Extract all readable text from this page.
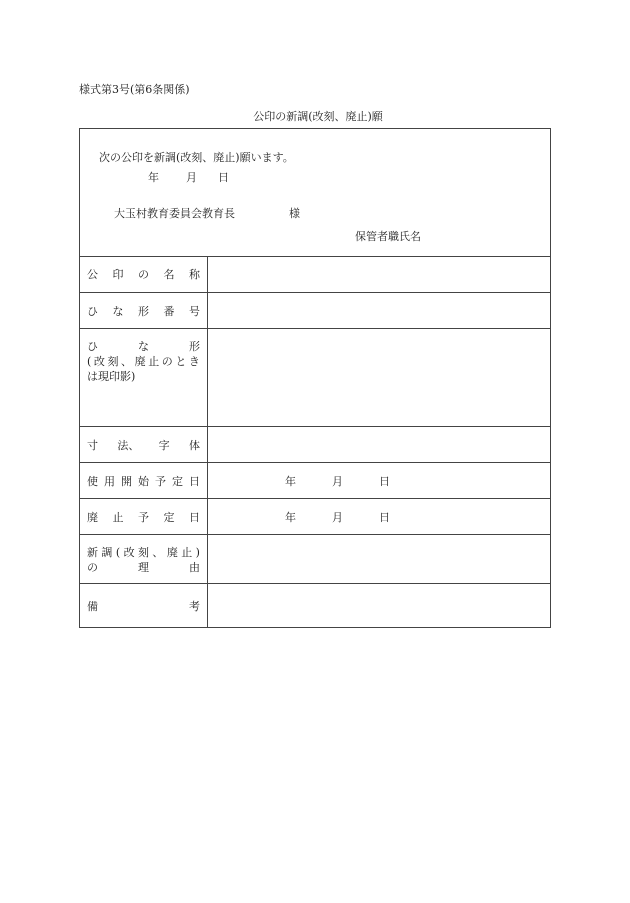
様式第3号(第6条関係)
公印の新調(改刻、廃止)願
次の公印を新調(改刻、廃止)願います。
年 月 日
大玉村教育委員会教育長	様
保管者職氏名
公 印 の 名 称
ひ な 形 番 号
ひ	な	形
( 改 刻 、 廃 止 の と き
は現印影)
寸 法、 字 体
使 用 開 始 予 定 日	年	月	日
廃 止 予 定 日	年	月	日
新 調 ( 改 刻 、 廃 止 )
の	理	由
備	考
